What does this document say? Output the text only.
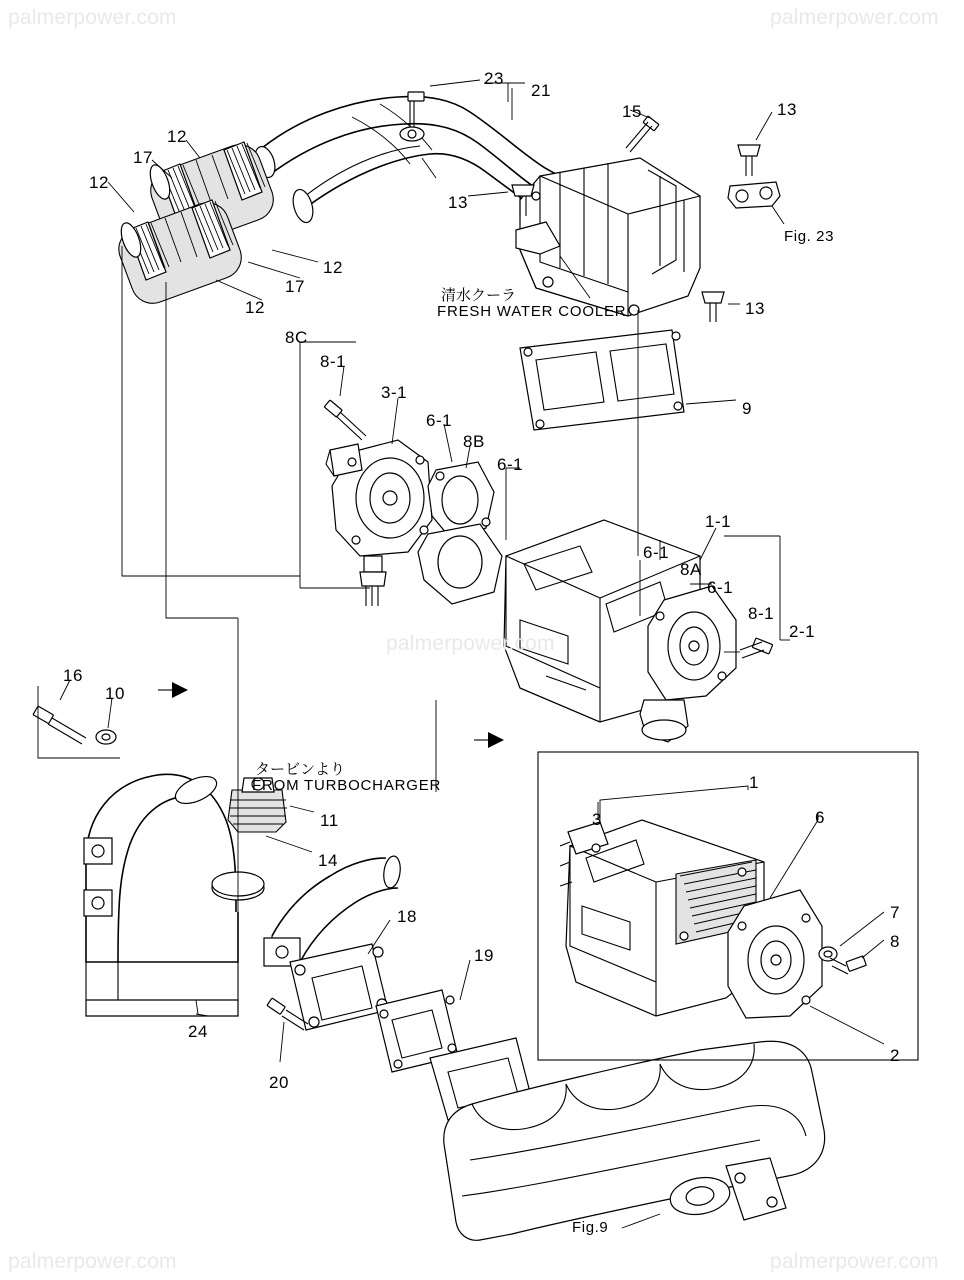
palmerpower.com	palmerpower.com
palmerpower.com
palmerpower.com	palmerpower.com
清水クーラ
FRESH WATER COOLER
タービンより
FROM TURBOCHARGER
Fig. 23
Fig.9
23
21
15	13
12
17
12
13
12
17
12	13
8C
8-1
3-1
9
6-1
8B
6-1
1-1
6-1
8A
6-1
8-1
2-1
16
10
1
3	6
11
14
7
18
8
19
24
2
20
